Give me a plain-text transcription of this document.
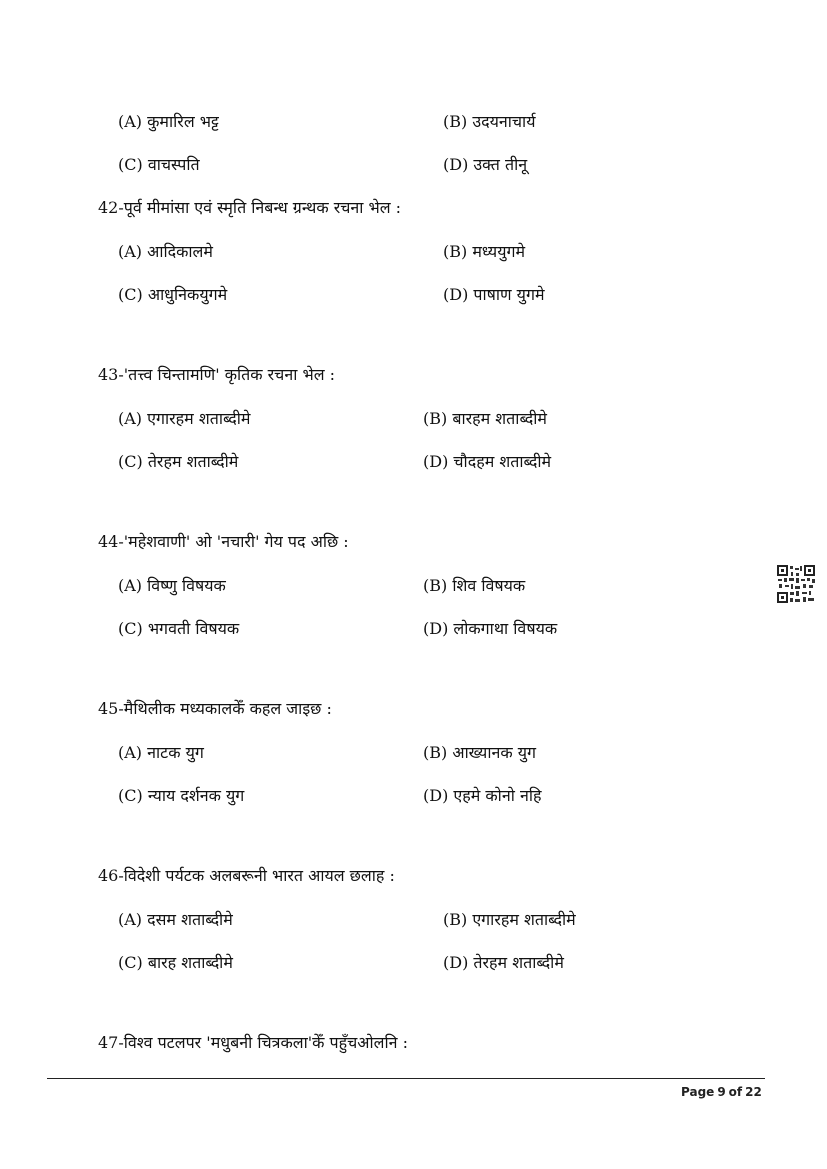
(A) कुमारिल भट्ट	(B) उदयनाचार्य
(C) वाचस्पति	(D) उक्त तीनू
42-पूर्व मीमांसा एवं स्मृति निबन्ध ग्रन्थक रचना भेल :
(A) आदिकालमे	(B) मध्ययुगमे
(C) आधुनिकयुगमे	(D) पाषाण युगमे
43-'तत्त्व चिन्तामणि' कृतिक रचना भेल :
(A) एगारहम शताब्दीमे	(B) बारहम शताब्दीमे
(C) तेरहम शताब्दीमे	(D) चौदहम शताब्दीमे
44-'महेशवाणी' ओ 'नचारी' गेय पद अछि :
(A) विष्णु विषयक	(B) शिव विषयक
(C) भगवती विषयक	(D) लोकगाथा विषयक
45-मैथिलीक मध्यकालकेँ कहल जाइछ :
(A) नाटक युग	(B) आख्यानक युग
(C) न्याय दर्शनक युग	(D) एहमे कोनो नहि
46-विदेशी पर्यटक अलबरूनी भारत आयल छलाह :
(A) दसम शताब्दीमे	(B) एगारहम शताब्दीमे
(C) बारह शताब्दीमे	(D) तेरहम शताब्दीमे
47-विश्व पटलपर 'मधुबनी चित्रकला'केँ पहुँचओलनि :
Page 9 of 22
